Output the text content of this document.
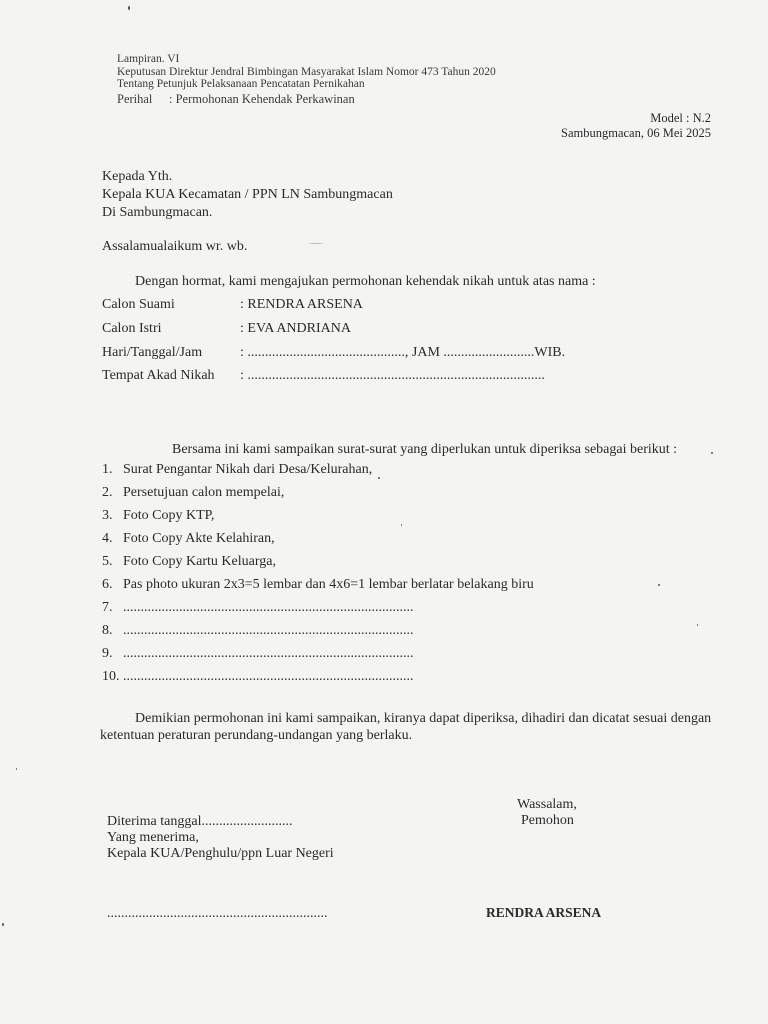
Lampiran. VI
Keputusan Direktur Jendral Bimbingan Masyarakat Islam Nomor 473 Tahun 2020
Tentang Petunjuk Pelaksanaan Pencatatan Pernikahan
Perihal : Permohonan Kehendak Perkawinan
Model : N.2
Sambungmacan, 06 Mei 2025
Kepada Yth.
Kepala KUA Kecamatan / PPN LN Sambungmacan
Di Sambungmacan.
Assalamualaikum wr. wb.
Dengan hormat, kami mengajukan permohonan kehendak nikah untuk atas nama :
Calon Suami	: RENDRA ARSENA
Calon Istri	: EVA ANDRIANA
Hari/Tanggal/Jam	: ............................................., JAM ..........................WIB.
Tempat Akad Nikah : .....................................................................................
Bersama ini kami sampaikan surat-surat yang diperlukan untuk diperiksa sebagai berikut :
1. Surat Pengantar Nikah dari Desa/Kelurahan,
2. Persetujuan calon mempelai,
3. Foto Copy KTP,
4. Foto Copy Akte Kelahiran,
5. Foto Copy Kartu Keluarga,
6. Pas photo ukuran 2x3=5 lembar dan 4x6=1 lembar berlatar belakang biru
7. ...................................................................................
8. ...................................................................................
9. ...................................................................................
10. ...................................................................................
Demikian permohonan ini kami sampaikan, kiranya dapat diperiksa, dihadiri dan dicatat sesuai dengan
ketentuan peraturan perundang-undangan yang berlaku.
Wassalam,
Pemohon
Diterima tanggal..........................
Yang menerima,
Kepala KUA/Penghulu/ppn Luar Negeri
...............................................................	RENDRA ARSENA
